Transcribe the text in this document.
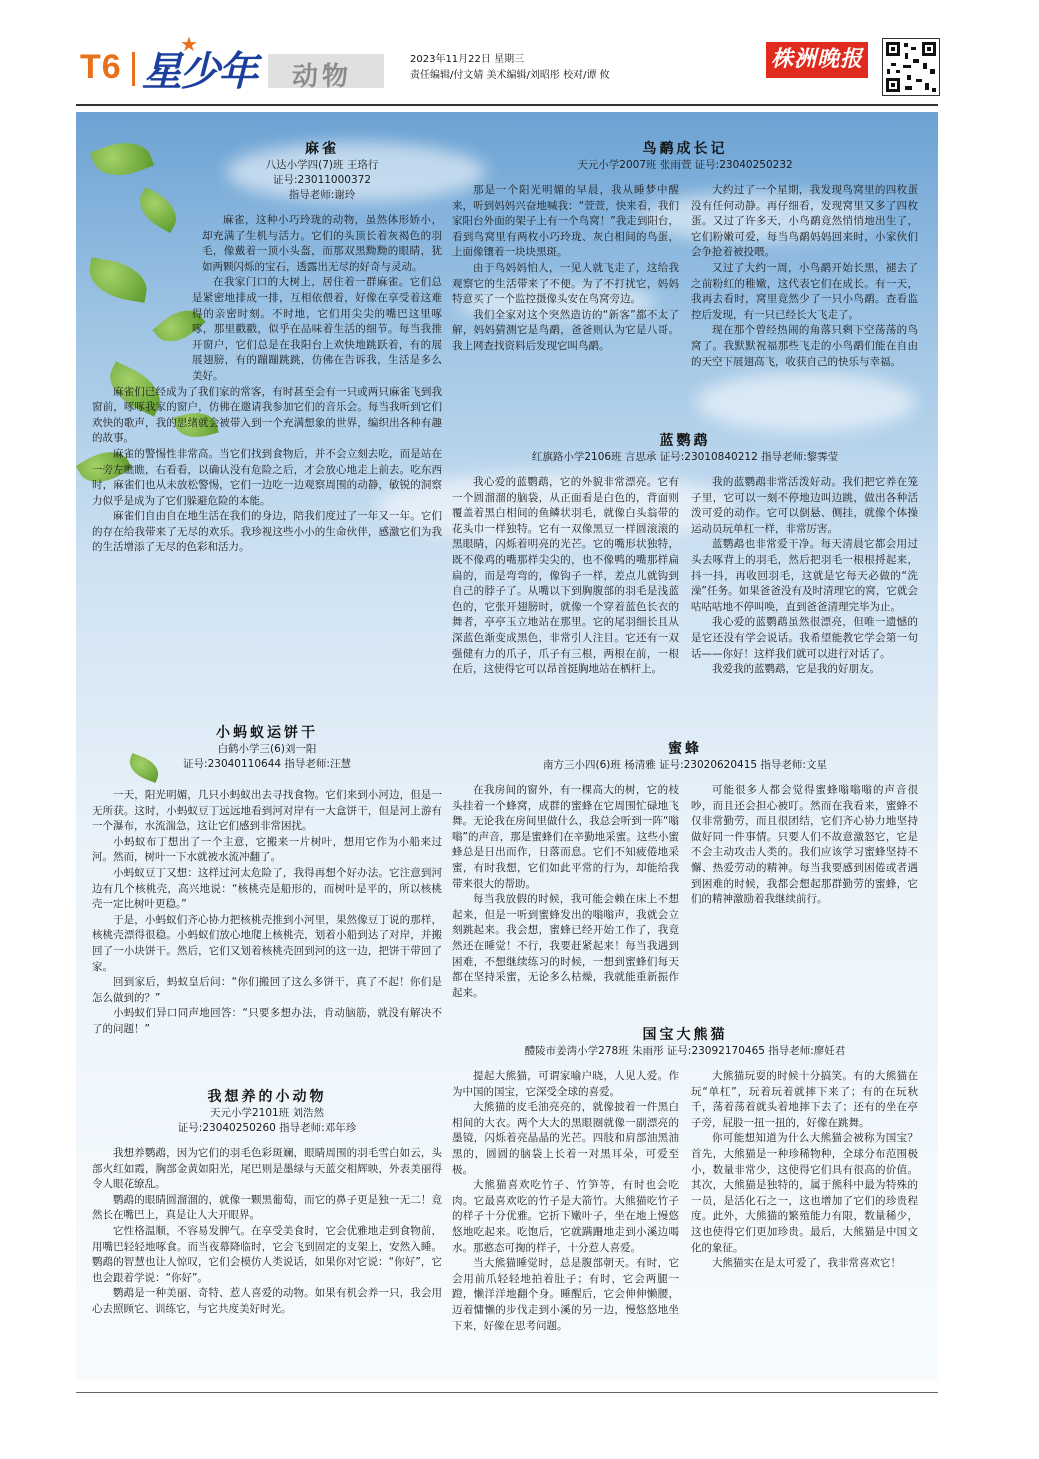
T6 星少年
★
动物
2023年11月22日 星期三
责任编辑/付文婧 美术编辑/刘昭彤 校对/谭 攸
株洲晚报
麻雀
八达小学四(7)班 王珞行
证号:23011000372
指导老师:谢玲

麻雀，这种小巧玲珑的动物，虽然体形娇小，却充满了生机与活力。它们的头顶长着灰褐色的羽毛，像戴着一顶小头盔，而那双黑黝黝的眼睛，犹如两颗闪烁的宝石，透露出无尽的好奇与灵动。

在我家门口的大树上，居住着一群麻雀。它们总是紧密地排成一排，互相依偎着，好像在享受着这难得的亲密时刻。不时地，它们用尖尖的嘴巴这里啄啄，那里戳戳，似乎在品味着生活的细节。每当我推开窗户，它们总是在我阳台上欢快地跳跃着，有的展展翅膀，有的蹦蹦跳跳，仿佛在告诉我，生活是多么美好。

麻雀们已经成为了我们家的常客，有时甚至会有一只或两只麻雀飞到我窗前，啄啄我家的窗户，仿佛在邀请我参加它们的音乐会。每当我听到它们欢快的歌声，我的思绪就会被带入到一个充满想象的世界，编织出各种有趣的故事。

麻雀的警惕性非常高。当它们找到食物后，并不会立刻去吃，而是站在一旁左瞧瞧，右看看，以确认没有危险之后，才会放心地走上前去。吃东西时，麻雀们也从未放松警惕，它们一边吃一边观察周围的动静，敏锐的洞察力似乎是成为了它们躲避危险的本能。

麻雀们自由自在地生活在我们的身边，陪我们度过了一年又一年。它们的存在给我带来了无尽的欢乐。我珍视这些小小的生命伙伴，感激它们为我的生活增添了无尽的色彩和活力。

鸟鹬成长记
天元小学2007班 张雨萱 证号:23040250232

那是一个阳光明媚的早晨，我从睡梦中醒来，听到妈妈兴奋地喊我：“萱萱，快来看，我们家阳台外面的架子上有一个鸟窝！”我走到阳台，看到鸟窝里有两枚小巧玲珑、灰白相间的鸟蛋，上面像镶着一块块黑斑。

由于鸟妈妈怕人，一见人就飞走了，这给我观察它的生活带来了不便。为了不打扰它，妈妈特意买了一个监控摄像头安在鸟窝旁边。

我们全家对这个突然造访的“新客”都不太了解，妈妈猜测它是鸟鹬，爸爸则认为它是八哥。我上网查找资料后发现它叫鸟鹬。

大约过了一个星期，我发现鸟窝里的四枚蛋没有任何动静。再仔细看，发现窝里又多了四枚蛋。又过了许多天，小鸟鹬竟然悄悄地出生了，它们粉嫩可爱，每当鸟鹬妈妈回来时，小家伙们会争抢着被投喂。

又过了大约一周，小鸟鹬开始长黑，褪去了之前粉红的稚嫩，这代表它们在成长。有一天，我再去看时，窝里竟然少了一只小鸟鹬。查看监控后发现，有一只已经长大飞走了。

现在那个曾经热闹的角落只剩下空荡荡的鸟窝了。我默默祝福那些飞走的小鸟鹬们能在自由的天空下展翅高飞，收获自己的快乐与幸福。

蓝鹦鹉
红旗路小学2106班 言思承 证号:23010840212 指导老师:黎霁莹

我心爱的蓝鹦鹉，它的外貌非常漂亮。它有一个圆溜溜的脑袋，从正面看是白色的，背面则覆盖着黑白相间的鱼鳞状羽毛，就像白头翁带的花头巾一样独特。它有一双像黑豆一样圆滚滚的黑眼睛，闪烁着明亮的光芒。它的嘴形状独特，既不像鸡的嘴那样尖尖的，也不像鸭的嘴那样扁扁的，而是弯弯的，像钩子一样，差点儿就钩到自己的脖子了。从嘴以下到胸腹部的羽毛是浅蓝色的，它张开翅膀时，就像一个穿着蓝色长衣的舞者，亭亭玉立地站在那里。它的尾羽细长且从深蓝色渐变成黑色，非常引人注目。它还有一双强健有力的爪子，爪子有三根，两根在前，一根在后，这使得它可以昂首挺胸地站在栖杆上。

我的蓝鹦鹉非常活泼好动。我们把它养在笼子里，它可以一刻不停地边叫边跳，做出各种活泼可爱的动作。它可以倒悬、侧挂，就像个体操运动员玩单杠一样，非常厉害。

蓝鹦鹉也非常爱干净。每天清晨它都会用过头去啄背上的羽毛，然后把羽毛一根根捋起来，抖一抖，再收回羽毛，这就是它每天必做的“洗澡”任务。如果爸爸没有及时清理它的窝，它就会咕咕咕地不停叫唤，直到爸爸清理完毕为止。

我心爱的蓝鹦鹉虽然很漂亮，但唯一遗憾的是它还没有学会说话。我希望能教它学会第一句话——你好！这样我们就可以进行对话了。

我爱我的蓝鹦鹉，它是我的好朋友。

小蚂蚁运饼干
白鹤小学三(6)刘一阳
证号:23040110644 指导老师:汪慧

一天，阳光明媚，几只小蚂蚁出去寻找食物。它们来到小河边，但是一无所获。这时，小蚂蚁豆丁远远地看到河对岸有一大盒饼干，但是河上游有一个瀑布，水流湍急，这让它们感到非常困扰。

小蚂蚁布丁想出了一个主意，它搬来一片树叶，想用它作为小船来过河。然而，树叶一下水就被水流冲翻了。

小蚂蚁豆丁又想：这样过河太危险了，我得再想个好办法。它注意到河边有几个核桃壳，高兴地说：“核桃壳是船形的，而树叶是平的，所以核桃壳一定比树叶更稳。”

于是，小蚂蚁们齐心协力把核桃壳推到小河里，果然像豆丁说的那样，核桃壳漂得很稳。小蚂蚁们放心地爬上核桃壳，划着小船到达了对岸，并搬回了一小块饼干。然后，它们又划着核桃壳回到河的这一边，把饼干带回了家。

回到家后，蚂蚁皇后问：“你们搬回了这么多饼干，真了不起！你们是怎么做到的？”

小蚂蚁们异口同声地回答：“只要多想办法，肯动脑筋，就没有解决不了的问题！”

蜜蜂
南方三小四(6)班 杨清雅 证号:23020620415 指导老师:文星

在我房间的窗外，有一棵高大的树，它的枝头挂着一个蜂窝，成群的蜜蜂在它周围忙碌地飞舞。无论我在房间里做什么，我总会听到一阵“嗡嗡”的声音，那是蜜蜂们在辛勤地采蜜。这些小蜜蜂总是日出而作，日落而息。它们不知疲倦地采蜜，有时我想，它们如此平常的行为，却能给我带来很大的帮助。

每当我放假的时候，我可能会赖在床上不想起来，但是一听到蜜蜂发出的嗡嗡声，我就会立刻跳起来。我会想，蜜蜂已经开始工作了，我竟然还在睡觉！不行，我要赶紧起来！每当我遇到困难，不想继续练习的时候，一想到蜜蜂们每天都在坚持采蜜，无论多么枯燥，我就能重新振作起来。

可能很多人都会觉得蜜蜂嗡嗡嗡的声音很吵，而且还会担心被叮。然而在我看来，蜜蜂不仅非常勤劳，而且很团结，它们齐心协力地坚持做好同一件事情。只要人们不故意激怒它，它是不会主动攻击人类的。我们应该学习蜜蜂坚持不懈、热爱劳动的精神。每当我要感到困倦或者遇到困难的时候，我都会想起那群勤劳的蜜蜂，它们的精神激励着我继续前行。

我想养的小动物
天元小学2101班 刘浩然
证号:23040250260 指导老师:邓年珍

我想养鹦鹉，因为它们的羽毛色彩斑斓，眼睛周围的羽毛雪白如云，头部火红如霞，胸部金黄如阳光，尾巴则是墨绿与天蓝交相辉映，外表美丽得令人眼花缭乱。

鹦鹉的眼睛圆溜溜的，就像一颗黑葡萄，而它的鼻子更是独一无二！竟然长在嘴巴上，真是让人大开眼界。

它性格温顺，不容易发脾气。在享受美食时，它会优雅地走到食物前，用嘴巴轻轻地啄食。而当夜幕降临时，它会飞到固定的支架上，安然入睡。鹦鹉的智慧也让人惊叹，它们会模仿人类说话，如果你对它说：“你好”，它也会跟着学说：“你好”。

鹦鹉是一种美丽、奇特、惹人喜爱的动物。如果有机会养一只，我会用心去照顾它、训练它，与它共度美好时光。

国宝大熊猫
醴陵市姜湾小学278班 朱雨彤 证号:23092170465 指导老师:廖妊君

提起大熊猫，可谓家喻户晓，人见人爱。作为中国的国宝，它深受全球的喜爱。

大熊猫的皮毛油亮亮的，就像披着一件黑白相间的大衣。两个大大的黑眼圈就像一副漂亮的墨镜，闪烁着亮晶晶的光芒。四肢和肩部油黑油黑的，圆圆的脑袋上长着一对黑耳朵，可爱至极。

大熊猫喜欢吃竹子、竹笋等，有时也会吃肉。它最喜欢吃的竹子是大箭竹。大熊猫吃竹子的样子十分优雅。它折下嫩叶子，坐在地上慢悠悠地吃起来。吃饱后，它就蹒跚地走到小溪边喝水。那憨态可掬的样子，十分惹人喜爱。

当大熊猫睡觉时，总是腹部朝天。有时，它会用前爪轻轻地拍着肚子；有时，它会两腿一蹬，懒洋洋地翻个身。睡醒后，它会伸伸懒腰，迈着慵懒的步伐走到小溪的另一边，慢悠悠地坐下来，好像在思考问题。

大熊猫玩耍的时候十分搞笑。有的大熊猫在玩“单杠”，玩着玩着就摔下来了；有的在玩秋千，荡着荡着就头着地摔下去了；还有的坐在亭子旁，屁股一扭一扭的，好像在跳舞。

你可能想知道为什么大熊猫会被称为国宝？首先，大熊猫是一种珍稀物种，全球分布范围极小，数量非常少，这使得它们具有很高的价值。其次，大熊猫是独特的，属于熊科中最为特殊的一员，是活化石之一，这也增加了它们的珍贵程度。此外，大熊猫的繁殖能力有限，数量稀少，这也使得它们更加珍贵。最后，大熊猫是中国文化的象征。

大熊猫实在是太可爱了，我非常喜欢它！
